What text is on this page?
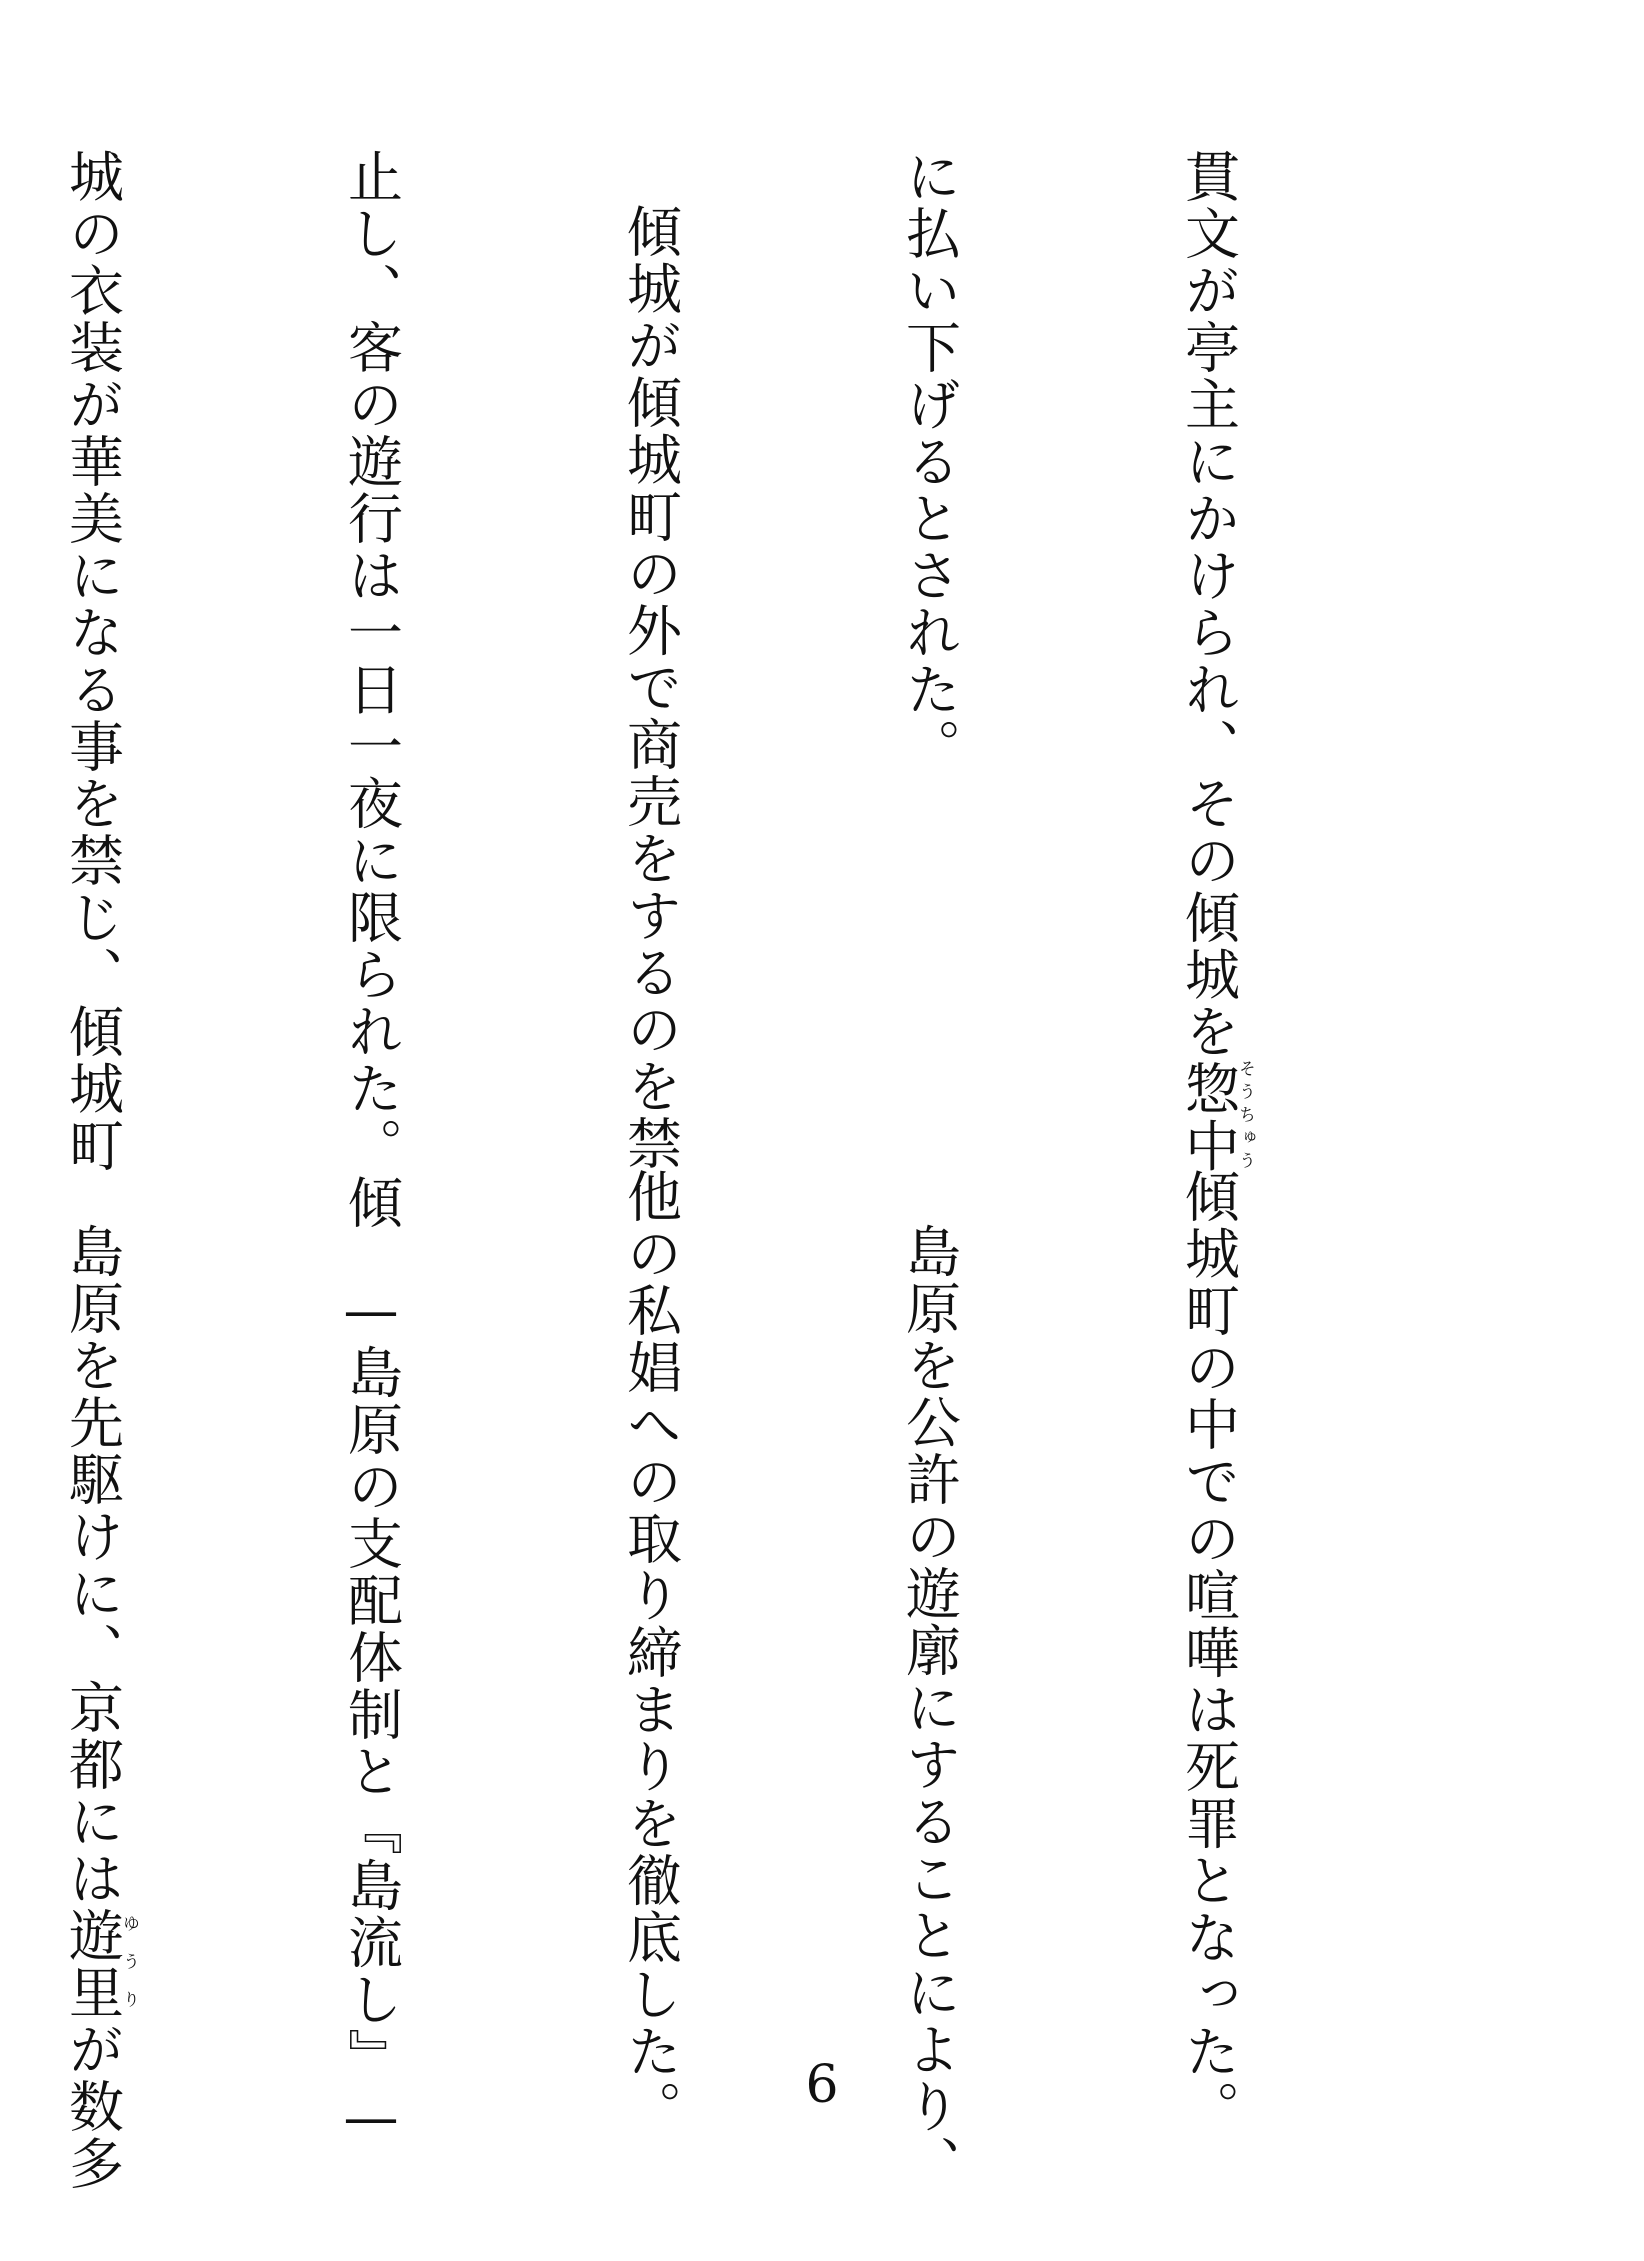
貫文が亭主にかけられ、その傾城を惣中そうちゅう

に払い下げるとされた。

傾城が傾城町の外で商売をするのを禁

止し、客の遊行は一日一夜に限られた。傾

城の衣装が華美になる事を禁じ、傾城町

傾城町の中での喧嘩は死罪となった。

島原を公許の遊廓にすることにより、

他の私娼への取り締まりを徹底した。

—島原の支配体制と『島流し』—

島原を先駆けに、京都には遊里ゆうりが数多

	6
